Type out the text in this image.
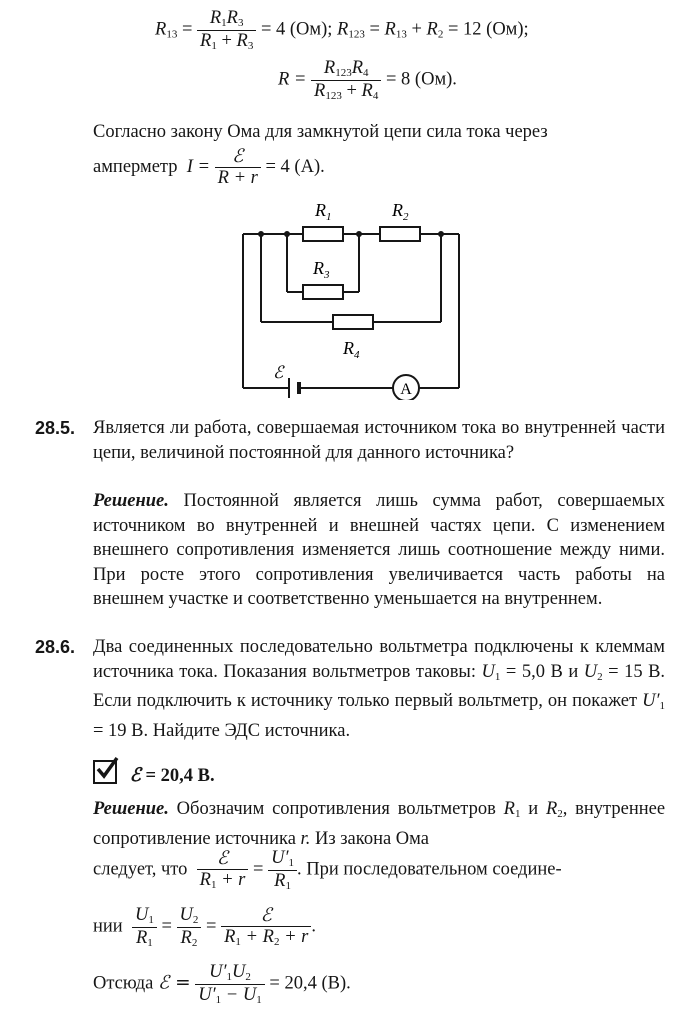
$R_{13} = \frac{R_1R_3}{R_1 + R_3} = 4$ (Ом); $R_{123} = R_{13} + R_2 = 12$ (Ом);
$R = \frac{R_{123}R_4}{R_{123} + R_4} = 8$ (Ом).
Согласно закону Ома для замкнутой цепи сила тока через
амперметр $I = \frac{\text{ℰ}}{R + r} = 4$ (А).
A
$R_1$	$R_2$
$R_3$
$R_4$
ℰ
28.5. Является ли работа, совершаемая источником тока во внутренней части цепи, величиной постоянной для данного источника?
Решение. Постоянной является лишь сумма работ, совершаемых источником во внутренней и внешней частях цепи. С изменением внешнего сопротивления изменяется лишь соотношение между ними. При росте этого сопротивления увеличивается часть работы на внешнем участке и соответственно уменьшается на внутреннем.
28.6. Два соединенных последовательно вольтметра подключены к клеммам источника тока. Показания вольтметров таковы: $U_1 = 5,0$ В и $U_2 = 15$ В. Если подключить к источнику только первый вольтметр, он покажет $U'_1 = 19$ В. Найдите ЭДС источника.
ℰ = 20,4 В.
Решение. Обозначим сопротивления вольтметров $R_1$ и $R_2$, внутреннее сопротивление источника r. Из закона Ома
следует, что $\frac{\text{ℰ}}{R_1 + r} = \frac{U'_1}{R_1}$ . При последовательном соедине-
нии $\frac{U_1}{R_1} = \frac{U_2}{R_2} = \frac{\text{ℰ}}{R_1 + R_2 + r}$ .
Отсюда ℰ = $\frac{U'_1U_2}{U'_1 - U_1} = 20,4$ (В).
